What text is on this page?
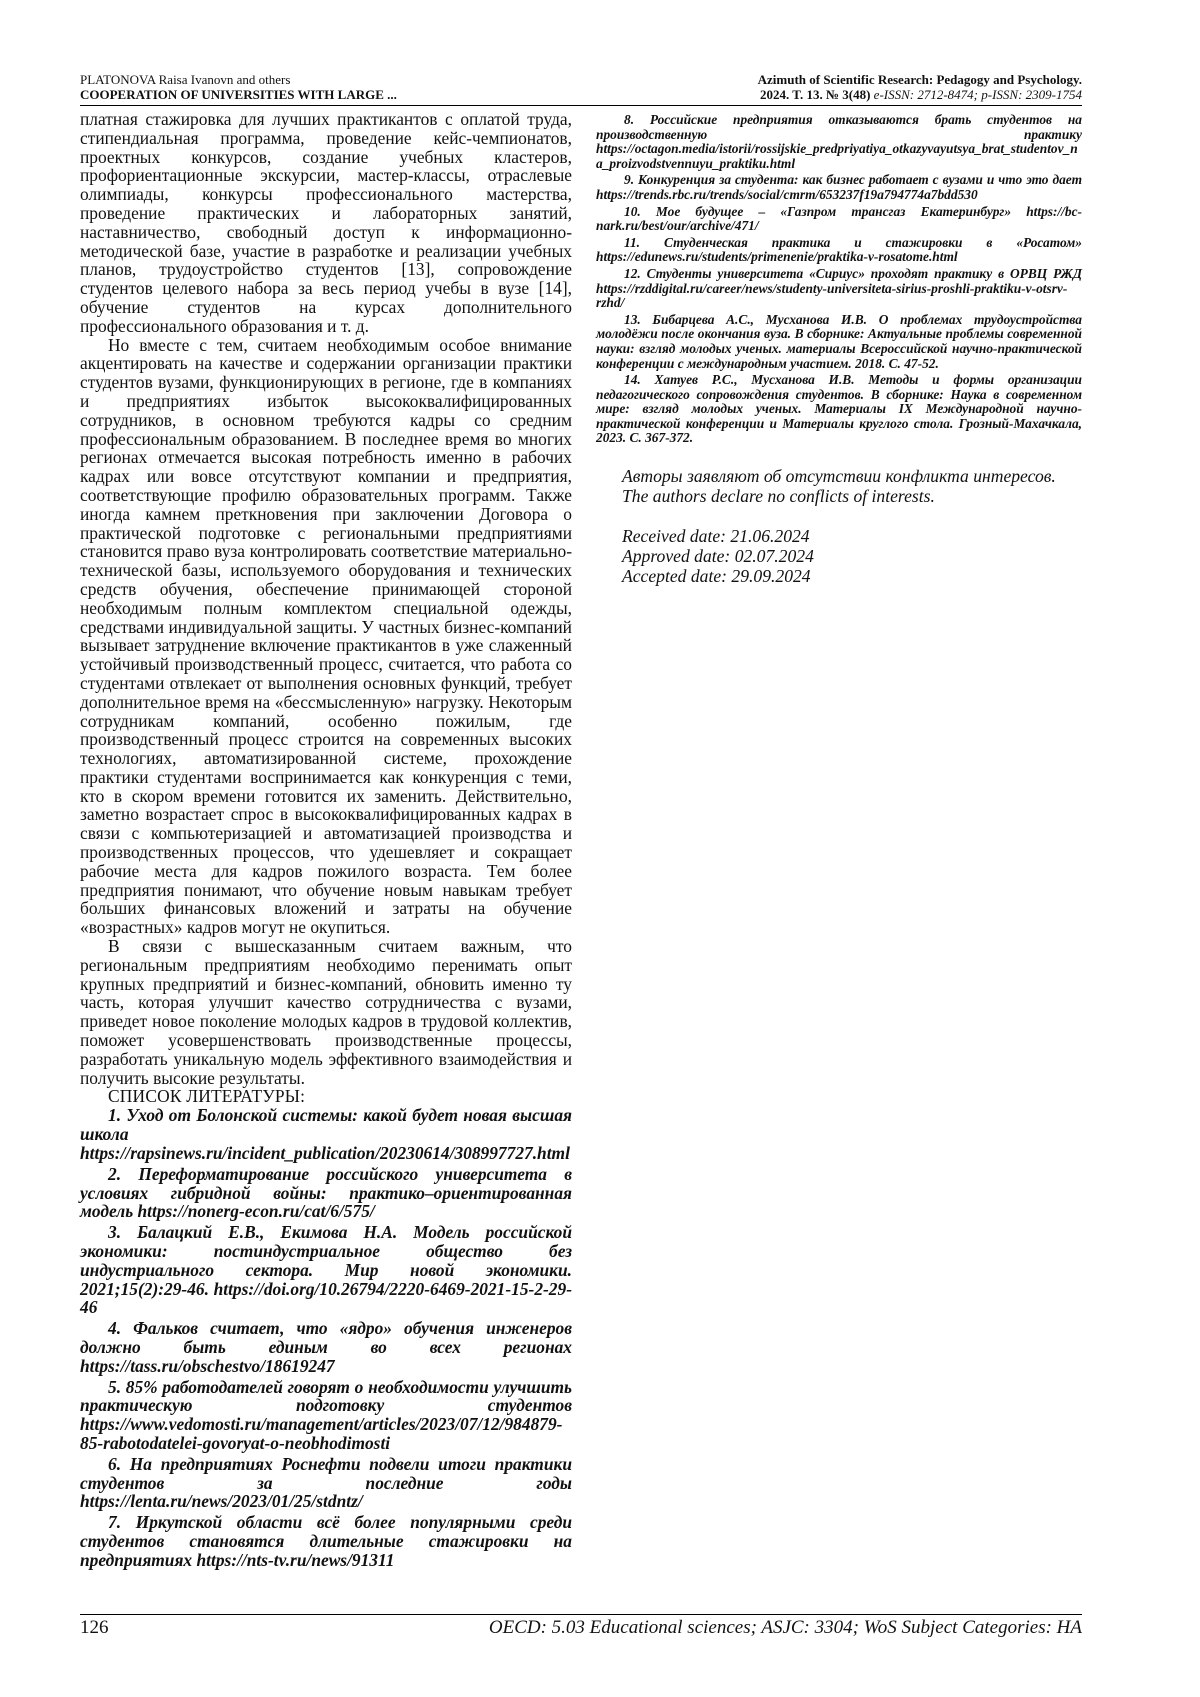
PLATONOVA Raisa Ivanovn and others
COOPERATION OF UNIVERSITIES WITH LARGE ...
Azimuth of Scientific Research: Pedagogy and Psychology.
2024. T. 13. № 3(48) e-ISSN: 2712-8474; p-ISSN: 2309-1754

платная стажировка для лучших практикантов с оплатой труда, стипендиальная программа, проведение кейс-чемпионатов, проектных конкурсов, создание учебных кластеров, профориентационные экскурсии, мастер-классы, отраслевые олимпиады, конкурсы профессионального мастерства, проведение практических и лабораторных занятий, наставничество, свободный доступ к информационно-методической базе, участие в разработке и реализации учебных планов, трудоустройство студентов [13], сопровождение студентов целевого набора за весь период учебы в вузе [14], обучение студентов на курсах дополнительного профессионального образования и т. д.

Но вместе с тем, считаем необходимым особое внимание акцентировать на качестве и содержании организации практики студентов вузами, функционирующих в регионе, где в компаниях и предприятиях избыток высококвалифицированных сотрудников, в основном требуются кадры со средним профессиональным образованием. В последнее время во многих регионах отмечается высокая потребность именно в рабочих кадрах или вовсе отсутствуют компании и предприятия, соответствующие профилю образовательных программ. Также иногда камнем преткновения при заключении Договора о практической подготовке с региональными предприятиями становится право вуза контролировать соответствие материально-технической базы, используемого оборудования и технических средств обучения, обеспечение принимающей стороной необходимым полным комплектом специальной одежды, средствами индивидуальной защиты. У частных бизнес-компаний вызывает затруднение включение практикантов в уже слаженный устойчивый производственный процесс, считается, что работа со студентами отвлекает от выполнения основных функций, требует дополнительное время на «бессмысленную» нагрузку. Некоторым сотрудникам компаний, особенно пожилым, где производственный процесс строится на современных высоких технологиях, автоматизированной системе, прохождение практики студентами воспринимается как конкуренция с теми, кто в скором времени готовится их заменить. Действительно, заметно возрастает спрос в высококвалифицированных кадрах в связи с компьютеризацией и автоматизацией производства и производственных процессов, что удешевляет и сокращает рабочие места для кадров пожилого возраста. Тем более предприятия понимают, что обучение новым навыкам требует больших финансовых вложений и затраты на обучение «возрастных» кадров могут не окупиться.

В связи с вышесказанным считаем важным, что региональным предприятиям необходимо перенимать опыт крупных предприятий и бизнес-компаний, обновить именно ту часть, которая улучшит качество сотрудничества с вузами, приведет новое поколение молодых кадров в трудовой коллектив, поможет усовершенствовать производственные процессы, разработать уникальную модель эффективного взаимодействия и получить высокие результаты.

СПИСОК ЛИТЕРАТУРЫ:

1. Уход от Болонской системы: какой будет новая высшая школа https://rapsinews.ru/incident_publication/20230614/308997727.html

2. Переформатирование российского университета в условиях гибридной войны: практико–ориентированная модель https://nonerg-econ.ru/cat/6/575/

3. Балацкий Е.В., Екимова Н.А. Модель российской экономики: постиндустриальное общество без индустриального сектора. Мир новой экономики. 2021;15(2):29-46. https://doi.org/10.26794/2220-6469-2021-15-2-29-46

4. Фальков считает, что «ядро» обучения инженеров должно быть единым во всех регионах https://tass.ru/obschestvo/18619247

5. 85% работодателей говорят о необходимости улучшить практическую подготовку студентов https://www.vedomosti.ru/management/articles/2023/07/12/984879-85-rabotodatelei-govoryat-o-neobhodimosti

6. На предприятиях Роснефти подвели итоги практики студентов за последние годы https://lenta.ru/news/2023/01/25/stdntz/

7. Иркутской области всё более популярными среди студентов становятся длительные стажировки на предприятиях https://nts-tv.ru/news/91311

8. Российские предприятия отказываются брать студентов на производственную практику https://octagon.media/istorii/rossijskie_predpriyatiya_otkazyvayutsya_brat_studentov_na_proizvodstvennuyu_praktiku.html

9. Конкуренция за студента: как бизнес работает с вузами и что это дает https://trends.rbc.ru/trends/social/cmrm/653237f19a794774a7bdd530

10. Мое будущее – «Газпром трансгаз Екатеринбург» https://bc-nark.ru/best/our/archive/471/

11. Студенческая практика и стажировки в «Росатом» https://edunews.ru/students/primenenie/praktika-v-rosatome.html

12. Студенты университета «Сириус» проходят практику в ОРВЦ РЖД https://rzddigital.ru/career/news/studenty-universiteta-sirius-proshli-praktiku-v-otsrv-rzhd/

13. Бибарцева А.С., Мусханова И.В. О проблемах трудоустройства молодёжи после окончания вуза. В сборнике: Актуальные проблемы современной науки: взгляд молодых ученых. материалы Всероссийской научно-практической конференции с международным участием. 2018. С. 47-52.

14. Хатуев Р.С., Мусханова И.В. Методы и формы организации педагогического сопровождения студентов. В сборнике: Наука в современном мире: взгляд молодых ученых. Материалы IX Международной научно-практической конференции и Материалы круглого стола. Грозный-Махачкала, 2023. С. 367-372.

Авторы заявляют об отсутствии конфликта интересов.

The authors declare no conflicts of interests.

Received date: 21.06.2024

Approved date: 02.07.2024

Accepted date: 29.09.2024

126	OECD: 5.03 Educational sciences; ASJC: 3304; WoS Subject Categories: HA
